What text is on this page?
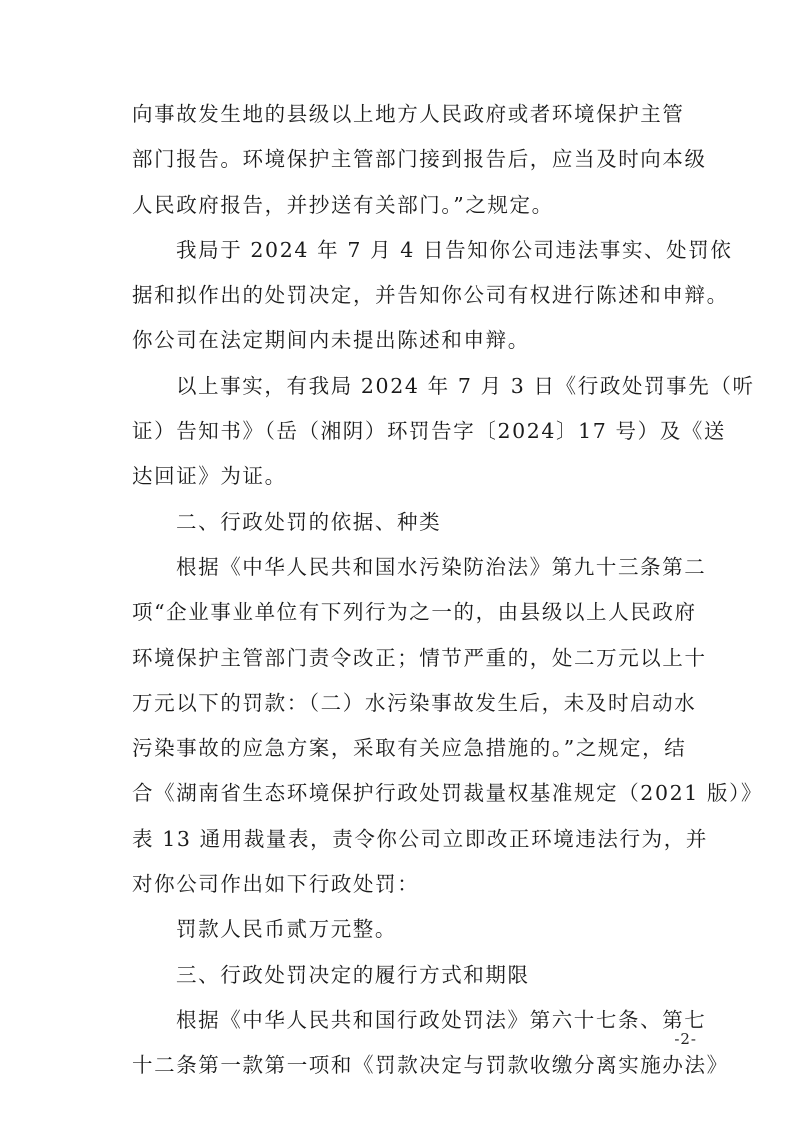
向事故发生地的县级以上地方人民政府或者环境保护主管
部门报告。环境保护主管部门接到报告后，应当及时向本级
人民政府报告，并抄送有关部门。”之规定。
我局于 2024 年 7 月 4 日告知你公司违法事实、处罚依
据和拟作出的处罚决定，并告知你公司有权进行陈述和申辩。
你公司在法定期间内未提出陈述和申辩。
以上事实，有我局 2024 年 7 月 3 日《行政处罚事先（听
证）告知书》（岳（湘阴）环罚告字〔2024〕17 号）及《送
达回证》为证。
二、行政处罚的依据、种类
根据《中华人民共和国水污染防治法》第九十三条第二
项“企业事业单位有下列行为之一的，由县级以上人民政府
环境保护主管部门责令改正；情节严重的，处二万元以上十
万元以下的罚款：（二）水污染事故发生后，未及时启动水
污染事故的应急方案，采取有关应急措施的。”之规定，结
合《湖南省生态环境保护行政处罚裁量权基准规定（2021 版）》
表 13 通用裁量表，责令你公司立即改正环境违法行为，并
对你公司作出如下行政处罚：
罚款人民币贰万元整。
三、行政处罚决定的履行方式和期限
根据《中华人民共和国行政处罚法》第六十七条、第七
十二条第一款第一项和《罚款决定与罚款收缴分离实施办法》
-2-
